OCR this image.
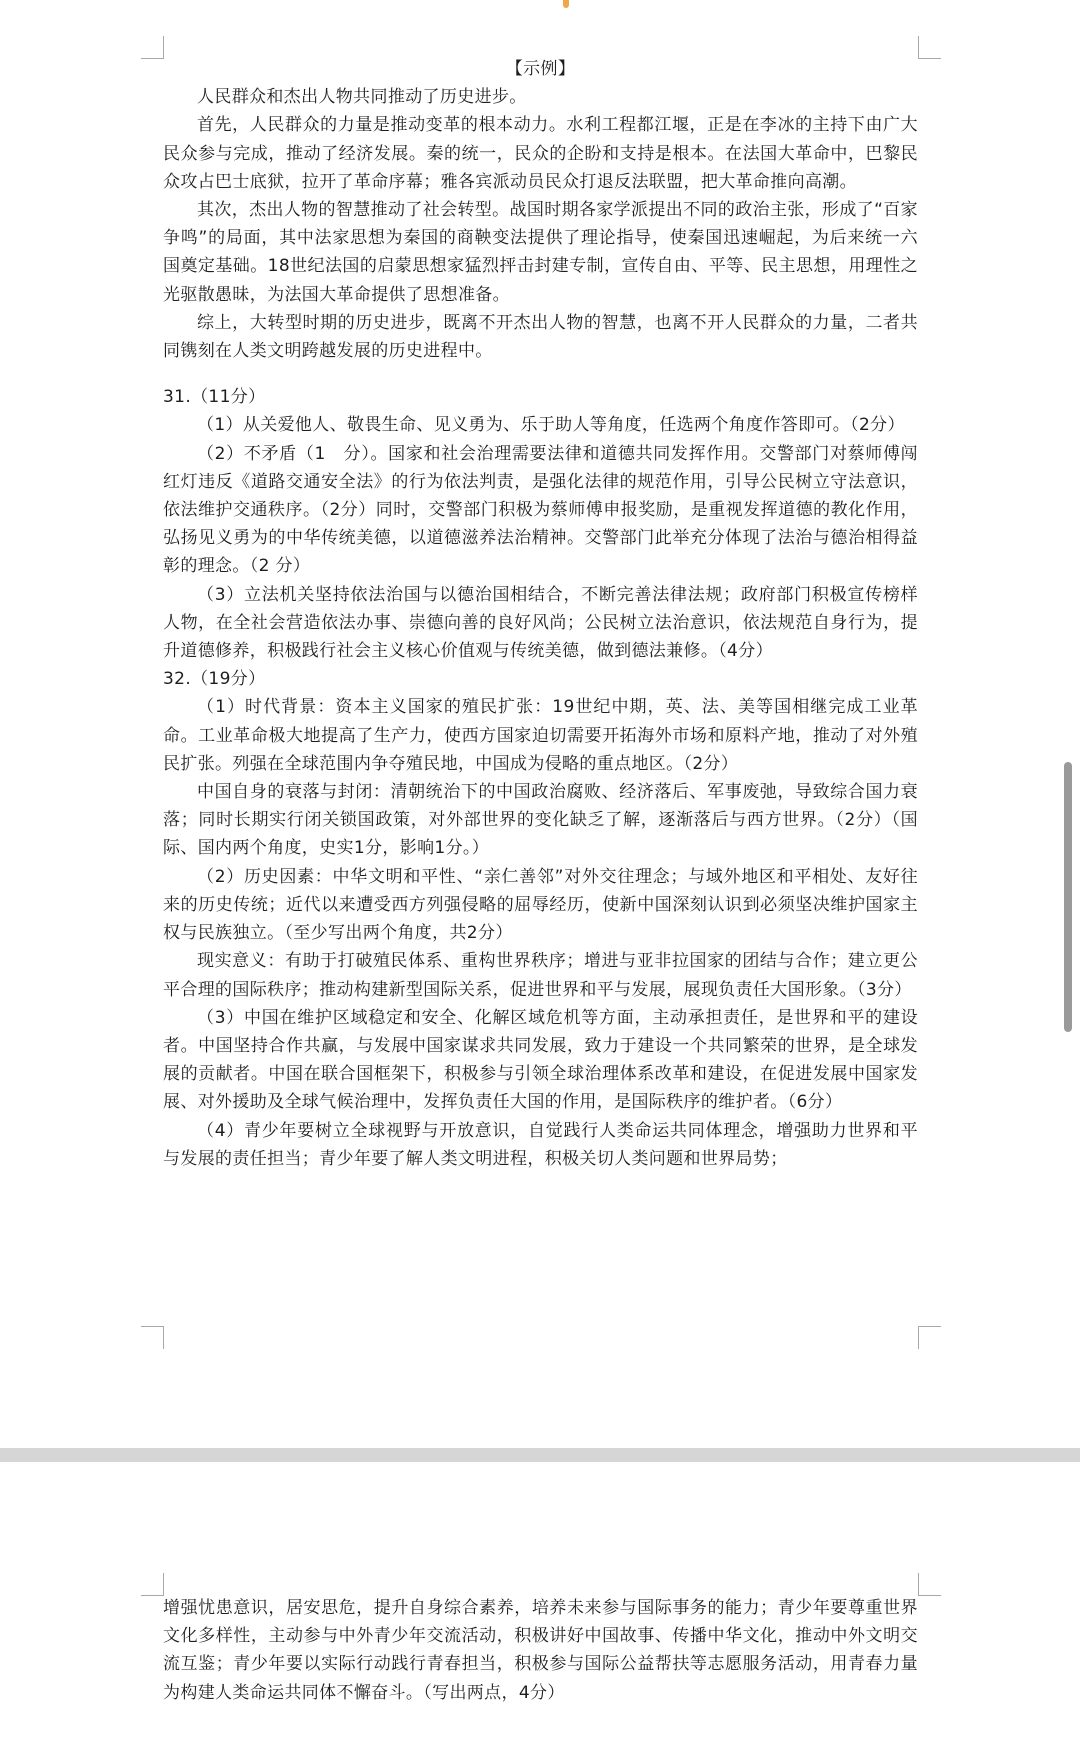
【示例】

人民群众和杰出人物共同推动了历史进步。

首先，人民群众的力量是推动变革的根本动力。水利工程都江堰，正是在李冰的主持下由广大民众参与完成，推动了经济发展。秦的统一，民众的企盼和支持是根本。在法国大革命中，巴黎民众攻占巴士底狱，拉开了革命序幕；雅各宾派动员民众打退反法联盟，把大革命推向高潮。

其次，杰出人物的智慧推动了社会转型。战国时期各家学派提出不同的政治主张，形成了“百家争鸣”的局面，其中法家思想为秦国的商鞅变法提供了理论指导，使秦国迅速崛起，为后来统一六国奠定基础。18世纪法国的启蒙思想家猛烈抨击封建专制，宣传自由、平等、民主思想，用理性之光驱散愚昧，为法国大革命提供了思想准备。

综上，大转型时期的历史进步，既离不开杰出人物的智慧，也离不开人民群众的力量，二者共同镌刻在人类文明跨越发展的历史进程中。

31.（11分）

（1）从关爱他人、敬畏生命、见义勇为、乐于助人等角度，任选两个角度作答即可。（2分）

（2）不矛盾（1　分）。国家和社会治理需要法律和道德共同发挥作用。交警部门对蔡师傅闯红灯违反《道路交通安全法》的行为依法判责，是强化法律的规范作用，引导公民树立守法意识，依法维护交通秩序。（2分）同时，交警部门积极为蔡师傅申报奖励，是重视发挥道德的教化作用，弘扬见义勇为的中华传统美德，以道德滋养法治精神。交警部门此举充分体现了法治与德治相得益彰的理念。（2 分）

（3）立法机关坚持依法治国与以德治国相结合，不断完善法律法规；政府部门积极宣传榜样人物，在全社会营造依法办事、崇德向善的良好风尚；公民树立法治意识，依法规范自身行为，提升道德修养，积极践行社会主义核心价值观与传统美德，做到德法兼修。（4分）

32.（19分）

（1）时代背景：资本主义国家的殖民扩张：19世纪中期，英、法、美等国相继完成工业革命。工业革命极大地提高了生产力，使西方国家迫切需要开拓海外市场和原料产地，推动了对外殖民扩张。列强在全球范围内争夺殖民地，中国成为侵略的重点地区。（2分）

中国自身的衰落与封闭：清朝统治下的中国政治腐败、经济落后、军事废弛，导致综合国力衰落；同时长期实行闭关锁国政策，对外部世界的变化缺乏了解，逐渐落后与西方世界。（2分）（国际、国内两个角度，史实1分，影响1分。）

（2）历史因素：中华文明和平性、“亲仁善邻”对外交往理念；与域外地区和平相处、友好往来的历史传统；近代以来遭受西方列强侵略的屈辱经历，使新中国深刻认识到必须坚决维护国家主权与民族独立。（至少写出两个角度，共2分）

现实意义：有助于打破殖民体系、重构世界秩序；增进与亚非拉国家的团结与合作；建立更公平合理的国际秩序；推动构建新型国际关系，促进世界和平与发展，展现负责任大国形象。（3分）

（3）中国在维护区域稳定和安全、化解区域危机等方面，主动承担责任，是世界和平的建设者。中国坚持合作共赢，与发展中国家谋求共同发展，致力于建设一个共同繁荣的世界，是全球发展的贡献者。中国在联合国框架下，积极参与引领全球治理体系改革和建设，在促进发展中国家发展、对外援助及全球气候治理中，发挥负责任大国的作用，是国际秩序的维护者。（6分）

（4）青少年要树立全球视野与开放意识，自觉践行人类命运共同体理念，增强助力世界和平与发展的责任担当；青少年要了解人类文明进程，积极关切人类问题和世界局势；

增强忧患意识，居安思危，提升自身综合素养，培养未来参与国际事务的能力；青少年要尊重世界文化多样性，主动参与中外青少年交流活动，积极讲好中国故事、传播中华文化，推动中外文明交流互鉴；青少年要以实际行动践行青春担当，积极参与国际公益帮扶等志愿服务活动，用青春力量为构建人类命运共同体不懈奋斗。（写出两点，4分）
